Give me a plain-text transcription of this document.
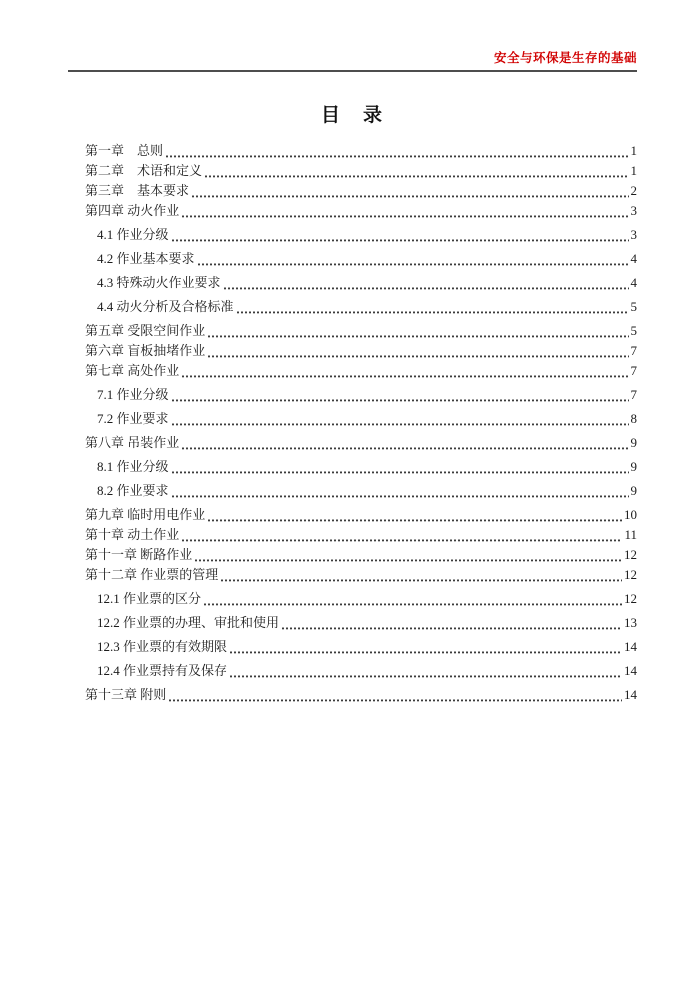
安全与环保是生存的基础
目　录
第一章　总则	1
第二章　术语和定义	1
第三章　基本要求	2
第四章 动火作业	3
4.1 作业分级	3
4.2 作业基本要求	4
4.3 特殊动火作业要求	4
4.4 动火分析及合格标准	5
第五章 受限空间作业	5
第六章 盲板抽堵作业	7
第七章 高处作业	7
7.1 作业分级	7
7.2 作业要求	8
第八章 吊装作业	9
8.1 作业分级	9
8.2 作业要求	9
第九章 临时用电作业	10
第十章 动土作业	11
第十一章 断路作业	12
第十二章 作业票的管理	12
12.1 作业票的区分	12
12.2 作业票的办理、审批和使用	13
12.3 作业票的有效期限	14
12.4 作业票持有及保存	14
第十三章 附则	14
